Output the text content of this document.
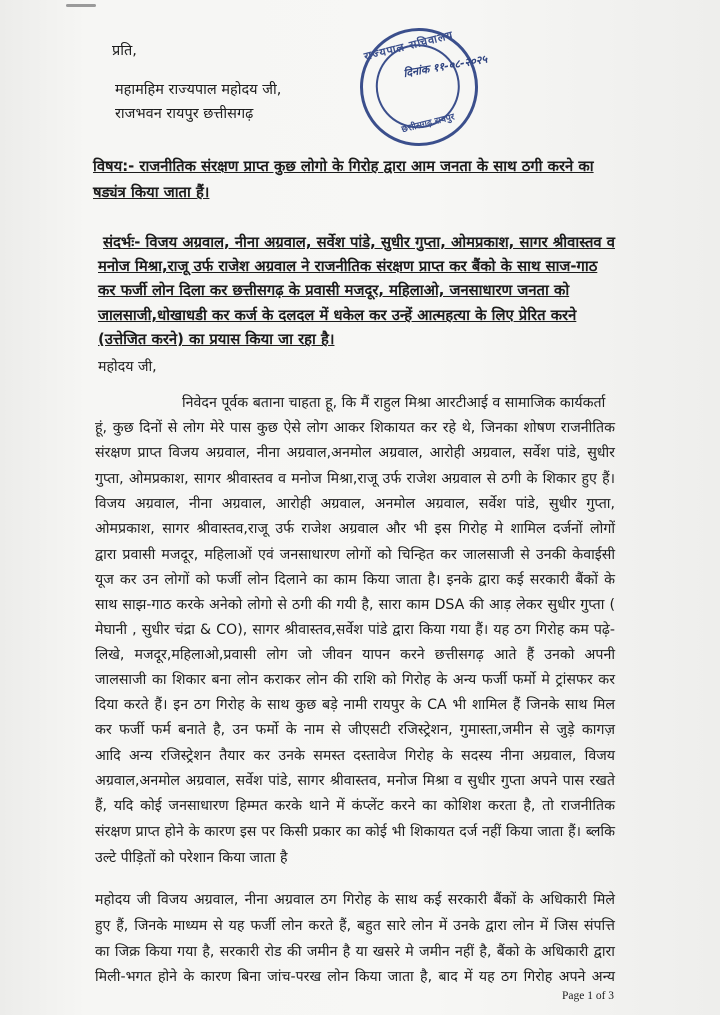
प्रति,
महामहिम राज्यपाल महोदय जी,
राजभवन रायपुर छत्तीसगढ़
राज्यपाल सचिवालय
दिनांक ११-०८-२०२५
छत्तीसगढ़ रायपुर
विषय:- राजनीतिक संरक्षण प्राप्त कुछ लोगो के गिरोह द्वारा आम जनता के साथ ठगी करने का
षड्यंत्र किया जाता हैं।
संदर्भः- विजय अग्रवाल, नीना अग्रवाल, सर्वेश पांडे, सुधीर गुप्ता, ओमप्रकाश, सागर श्रीवास्तव व
मनोज मिश्रा,राजू उर्फ राजेश अग्रवाल ने राजनीतिक संरक्षण प्राप्त कर बैंको के साथ साज-गाठ
कर फर्जी लोन दिला कर छत्तीसगढ़ के प्रवासी मजदूर, महिलाओ, जनसाधारण जनता को
जालसाजी,धोखाधडी कर कर्ज के दलदल में धकेल कर उन्हें आत्महत्या के लिए प्रेरित करने
(उत्तेजित करने) का प्रयास किया जा रहा है।
महोदय जी,
निवेदन पूर्वक बताना चाहता हू, कि मैं राहुल मिश्रा आरटीआई व सामाजिक कार्यकर्ता
हूं, कुछ दिनों से लोग मेरे पास कुछ ऐसे लोग आकर शिकायत कर रहे थे, जिनका शोषण राजनीतिक
संरक्षण प्राप्त विजय अग्रवाल, नीना अग्रवाल,अनमोल अग्रवाल, आरोही अग्रवाल, सर्वेश पांडे, सुधीर
गुप्ता, ओमप्रकाश, सागर श्रीवास्तव व मनोज मिश्रा,राजू उर्फ राजेश अग्रवाल से ठगी के शिकार हुए हैं।
विजय अग्रवाल, नीना अग्रवाल, आरोही अग्रवाल, अनमोल अग्रवाल, सर्वेश पांडे, सुधीर गुप्ता,
ओमप्रकाश, सागर श्रीवास्तव,राजू उर्फ राजेश अग्रवाल और भी इस गिरोह मे शामिल दर्जनों लोगों
द्वारा प्रवासी मजदूर, महिलाओं एवं जनसाधारण लोगों को चिन्हित कर जालसाजी से उनकी केवाईसी
यूज कर उन लोगों को फर्जी लोन दिलाने का काम किया जाता है। इनके द्वारा कई सरकारी बैंकों के
साथ साझ-गाठ करके अनेको लोगो से ठगी की गयी है, सारा काम DSA की आड़ लेकर सुधीर गुप्ता (
मेघानी , सुधीर चंद्रा & CO), सागर श्रीवास्तव,सर्वेश पांडे द्वारा किया गया हैं। यह ठग गिरोह कम पढ़े-
लिखे, मजदूर,महिलाओ,प्रवासी लोग जो जीवन यापन करने छत्तीसगढ़ आते हैं उनको अपनी
जालसाजी का शिकार बना लोन कराकर लोन की राशि को गिरोह के अन्य फर्जी फर्मो मे ट्रांसफर कर
दिया करते हैं। इन ठग गिरोह के साथ कुछ बड़े नामी रायपुर के CA भी शामिल हैं जिनके साथ मिल
कर फर्जी फर्म बनाते है, उन फर्मो के नाम से जीएसटी रजिस्ट्रेशन, गुमास्ता,जमीन से जुड़े कागज़
आदि अन्य रजिस्ट्रेशन तैयार कर उनके समस्त दस्तावेज गिरोह के सदस्य नीना अग्रवाल, विजय
अग्रवाल,अनमोल अग्रवाल, सर्वेश पांडे, सागर श्रीवास्तव, मनोज मिश्रा व सुधीर गुप्ता अपने पास रखते
हैं, यदि कोई जनसाधारण हिम्मत करके थाने में कंप्लेंट करने का कोशिश करता है, तो राजनीतिक
संरक्षण प्राप्त होने के कारण इस पर किसी प्रकार का कोई भी शिकायत दर्ज नहीं किया जाता हैं। ब्लकि
उल्टे पीड़ितों को परेशान किया जाता है
महोदय जी विजय अग्रवाल, नीना अग्रवाल ठग गिरोह के साथ कई सरकारी बैंकों के अधिकारी मिले
हुए हैं, जिनके माध्यम से यह फर्जी लोन करते हैं, बहुत सारे लोन में उनके द्वारा लोन में जिस संपत्ति
का जिक्र किया गया है, सरकारी रोड की जमीन है या खसरे मे जमीन नहीं है, बैंको के अधिकारी द्वारा
मिली-भगत होने के कारण बिना जांच-परख लोन किया जाता है, बाद में यह ठग गिरोह अपने अन्य
Page 1 of 3
